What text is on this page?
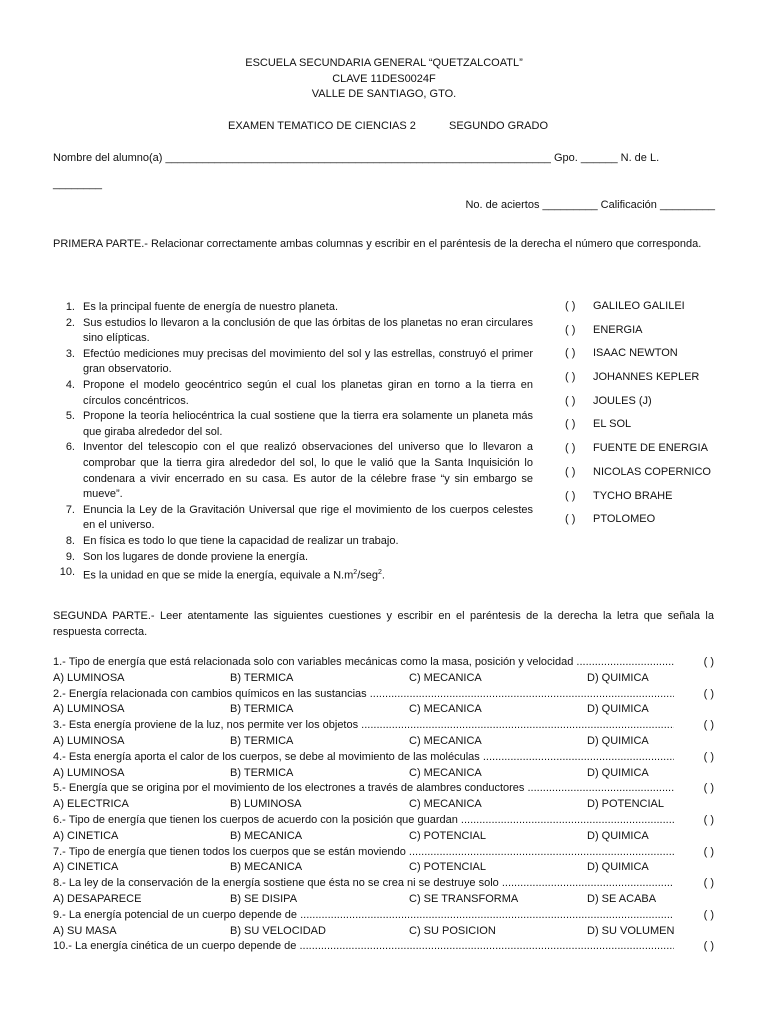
ESCUELA SECUNDARIA GENERAL “QUETZALCOATL”
CLAVE 11DES0024F
VALLE DE SANTIAGO, GTO.
EXAMEN TEMATICO DE CIENCIAS 2	SEGUNDO GRADO
Nombre del alumno(a) _______________________________________________________________ Gpo. ______ N. de L.
________
No. de aciertos _________ Calificación _________
PRIMERA PARTE.- Relacionar correctamente ambas columnas y escribir en el paréntesis de la derecha el número que corresponda.
1. Es la principal fuente de energía de nuestro planeta.
2. Sus estudios lo llevaron a la conclusión de que las órbitas de los planetas no eran circulares sino elípticas.
3. Efectúo mediciones muy precisas del movimiento del sol y las estrellas, construyó el primer gran observatorio.
4. Propone el modelo geocéntrico según el cual los planetas giran en torno a la tierra en círculos concéntricos.
5. Propone la teoría heliocéntrica la cual sostiene que la tierra era solamente un planeta más que giraba alrededor del sol.
6. Inventor del telescopio con el que realizó observaciones del universo que lo llevaron a comprobar que la tierra gira alrededor del sol, lo que le valió que la Santa Inquisición lo condenara a vivir encerrado en su casa. Es autor de la célebre frase “y sin embargo se mueve”.
7. Enuncia la Ley de la Gravitación Universal que rige el movimiento de los cuerpos celestes en el universo.
8. En física es todo lo que tiene la capacidad de realizar un trabajo.
9. Son los lugares de donde proviene la energía.
10. Es la unidad en que se mide la energía, equivale a $N.m^2/seg^2$.
( ) GALILEO GALILEI
( ) ENERGIA
( ) ISAAC NEWTON
( ) JOHANNES KEPLER
( ) JOULES (J)
( ) EL SOL
( ) FUENTE DE ENERGIA
( ) NICOLAS COPERNICO
( ) TYCHO BRAHE
( ) PTOLOMEO
SEGUNDA PARTE.- Leer atentamente las siguientes cuestiones y escribir en el paréntesis de la derecha la letra que señala la respuesta correcta.
1.- Tipo de energía que está relacionada solo con variables mecánicas como la masa, posición y velocidad .....	( )
A) LUMINOSA	B) TERMICA	C) MECANICA	D) QUIMICA
2.- Energía relacionada con cambios químicos en las sustancias .....	( )
A) LUMINOSA	B) TERMICA	C) MECANICA	D) QUIMICA
3.- Esta energía proviene de la luz, nos permite ver los objetos .....	( )
A) LUMINOSA	B) TERMICA	C) MECANICA	D) QUIMICA
4.- Esta energía aporta el calor de los cuerpos, se debe al movimiento de las moléculas .....	( )
A) LUMINOSA	B) TERMICA	C) MECANICA	D) QUIMICA
5.- Energía que se origina por el movimiento de los electrones a través de alambres conductores .....	( )
A) ELECTRICA	B) LUMINOSA	C) MECANICA	D) POTENCIAL
6.- Tipo de energía que tienen los cuerpos de acuerdo con la posición que guardan .....	( )
A) CINETICA	B) MECANICA	C) POTENCIAL	D) QUIMICA
7.- Tipo de energía que tienen todos los cuerpos que se están moviendo .....	( )
A) CINETICA	B) MECANICA	C) POTENCIAL	D) QUIMICA
8.- La ley de la conservación de la energía sostiene que ésta no se crea ni se destruye solo .....	( )
A) DESAPARECE	B) SE DISIPA	C) SE TRANSFORMA	D) SE ACABA
9.- La energía potencial de un cuerpo depende de .....	( )
A) SU MASA	B) SU VELOCIDAD	C) SU POSICION	D) SU VOLUMEN
10.- La energía cinética de un cuerpo depende de .....	( )
